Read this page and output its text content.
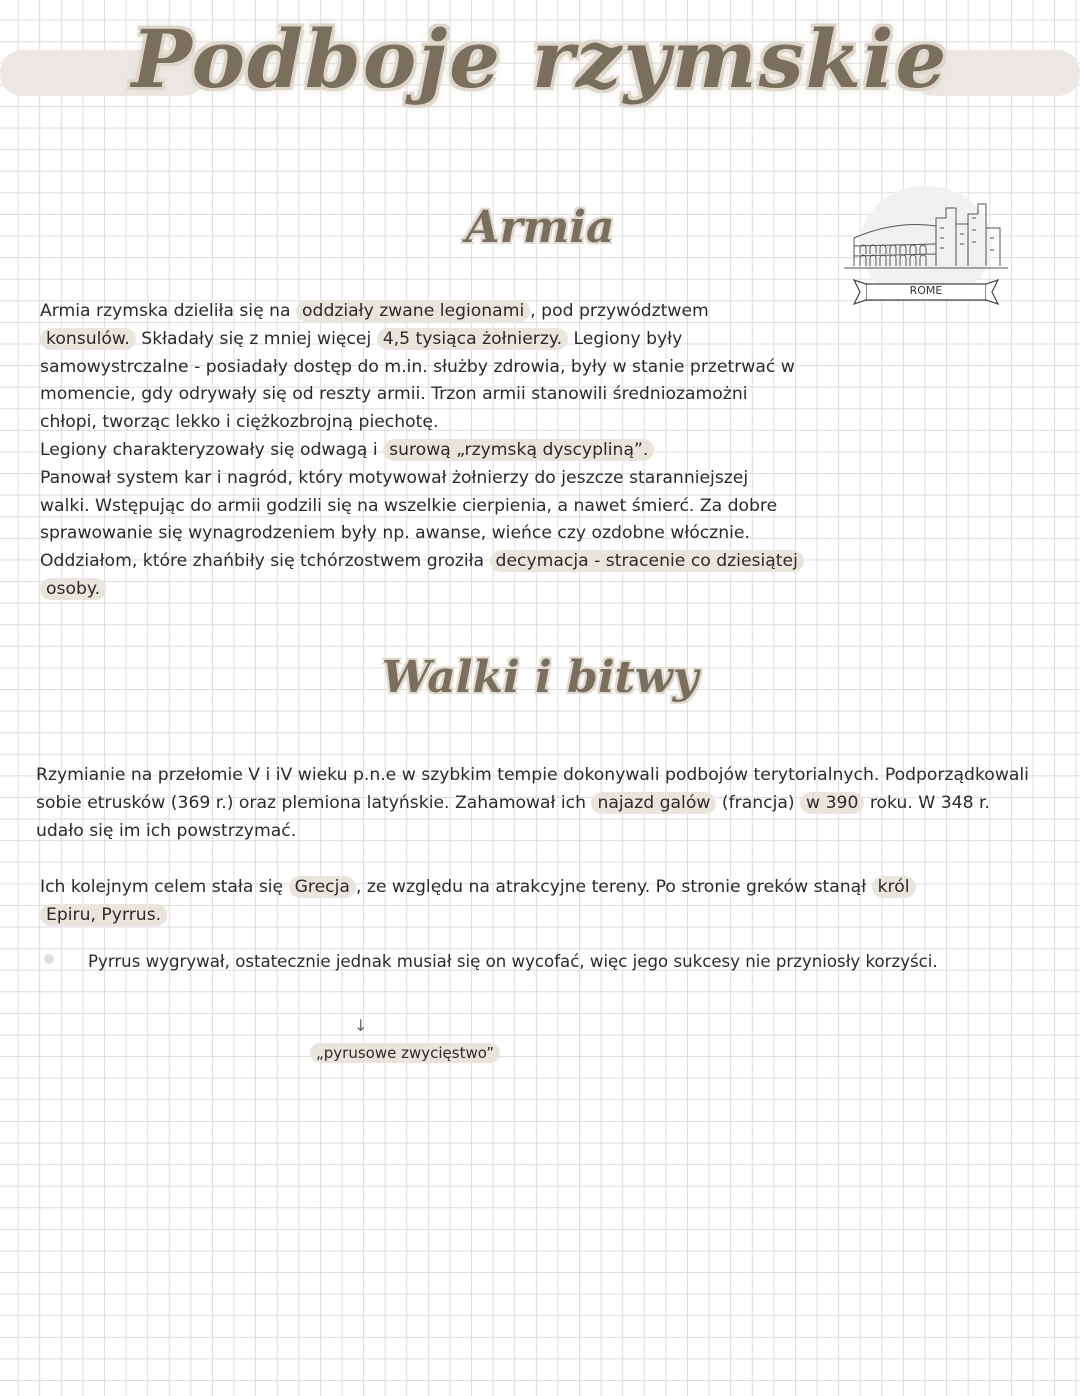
Podboje rzymskie
Armia
ROME
Armia rzymska dzieliła się na oddziały zwane legionami , pod przywództwem konsulów. Składały się z mniej więcej 4,5 tysiąca żołnierzy. Legiony były samowystrczalne - posiadały dostęp do m.in. służby zdrowia, były w stanie przetrwać w momencie, gdy odrywały się od reszty armii. Trzon armii stanowili średniozamożni chłopi, tworząc lekko i ciężkozbrojną piechotę.
Legiony charakteryzowały się odwagą i surową „rzymską dyscypliną”.
Panował system kar i nagród, który motywował żołnierzy do jeszcze staranniejszej walki. Wstępując do armii godzili się na wszelkie cierpienia, a nawet śmierć. Za dobre sprawowanie się wynagrodzeniem były np. awanse, wieńce czy ozdobne włócznie. Oddziałom, które zhańbiły się tchórzostwem groziła decymacja - stracenie co dziesiątej osoby.
Walki i bitwy
Rzymianie na przełomie V i iV wieku p.n.e w szybkim tempie dokonywali podbojów terytorialnych. Podporządkowali sobie etrusków (369 r.) oraz plemiona latyńskie. Zahamował ich najazd galów (francja) w 390 roku. W 348 r. udało się im ich powstrzymać.
Ich kolejnym celem stała się Grecja , ze względu na atrakcyjne tereny. Po stronie greków stanął król Epiru, Pyrrus.
Pyrrus wygrywał, ostatecznie jednak musiał się on wycofać, więc jego sukcesy nie przyniosły korzyści.
↓
„pyrusowe zwycięstwo”
